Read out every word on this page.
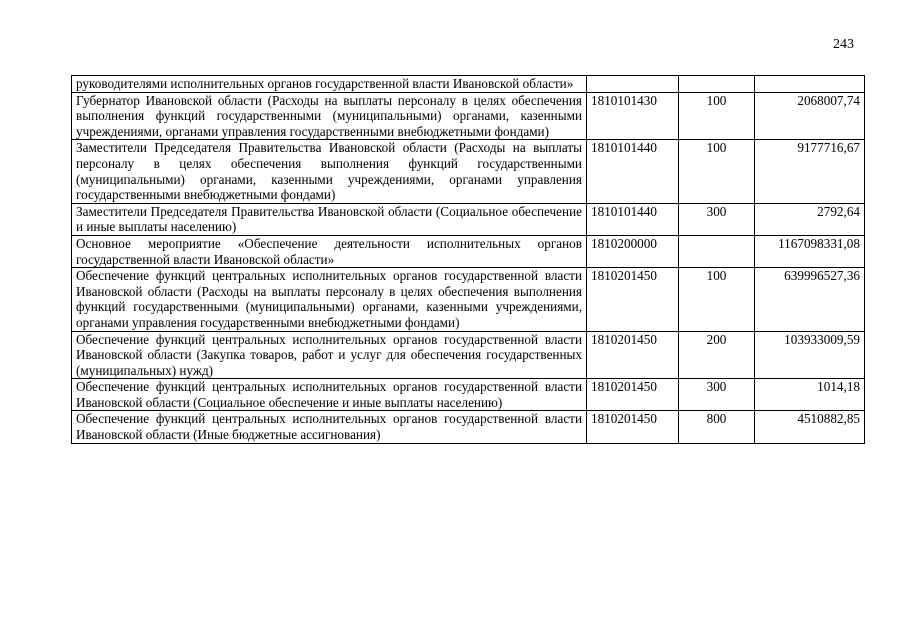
243
руководителями исполнительных органов государственной власти Ивановской области»			
Губернатор Ивановской области (Расходы на выплаты персоналу в целях обеспечения выполнения функций государственными (муниципальными) органами, казенными учреждениями, органами управления государственными внебюджетными фондами)	1810101430	100	2068007,74
Заместители Председателя Правительства Ивановской области (Расходы на выплаты персоналу в целях обеспечения выполнения функций государственными (муниципальными) органами, казенными учреждениями, органами управления государственными внебюджетными фондами)	1810101440	100	9177716,67
Заместители Председателя Правительства Ивановской области (Социальное обеспечение и иные выплаты населению)	1810101440	300	2792,64
Основное мероприятие «Обеспечение деятельности исполнительных органов государственной власти Ивановской области»	1810200000		1167098331,08
Обеспечение функций центральных исполнительных органов государственной власти Ивановской области (Расходы на выплаты персоналу в целях обеспечения выполнения функций государственными (муниципальными) органами, казенными учреждениями, органами управления государственными внебюджетными фондами)	1810201450	100	639996527,36
Обеспечение функций центральных исполнительных органов государственной власти Ивановской области (Закупка товаров, работ и услуг для обеспечения государственных (муниципальных) нужд)	1810201450	200	103933009,59
Обеспечение функций центральных исполнительных органов государственной власти Ивановской области (Социальное обеспечение и иные выплаты населению)	1810201450	300	1014,18
Обеспечение функций центральных исполнительных органов государственной власти Ивановской области (Иные бюджетные ассигнования)	1810201450	800	4510882,85
